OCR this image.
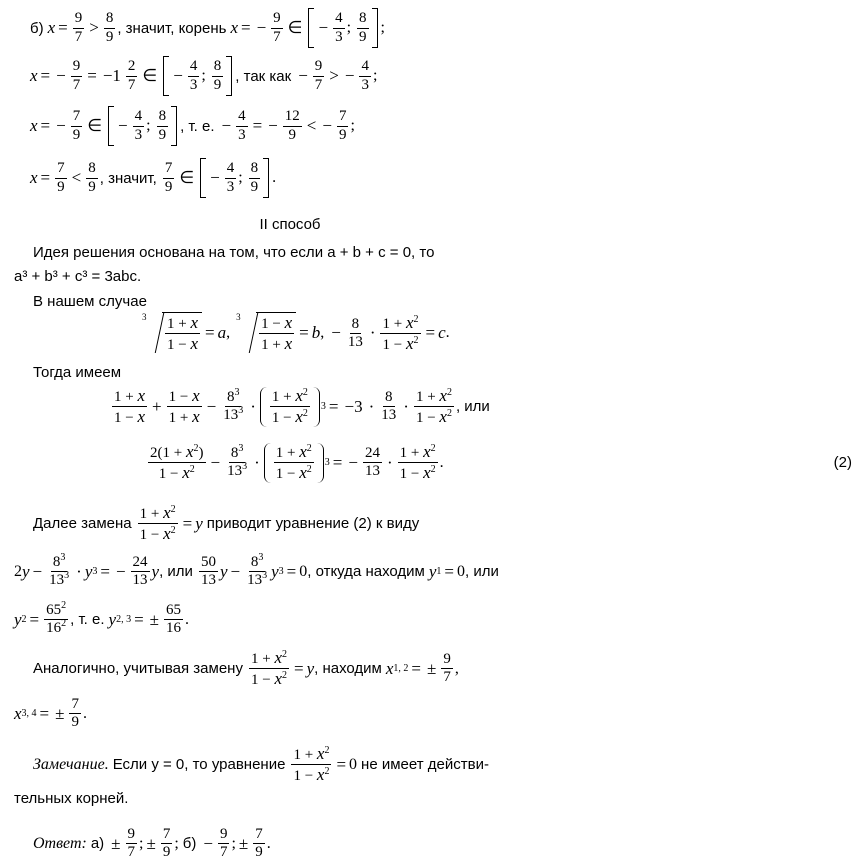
б)
$x = \frac{9}{7} > \frac{8}{9}$ , значит, корень
x = − $\frac{9}{7}$ ∈ − $\frac{4}{3}$ ; $\frac{8}{9}$ ;
x = − $\frac{9}{7} = -1 \frac{2}{7}$ ∈ − $\frac{4}{3}$ ; $\frac{8}{9}$ , так как
− $\frac{9}{7}$ > − $\frac{4}{3}$ ;
x = − $\frac{7}{9}$ ∈ − $\frac{4}{3}$ ; $\frac{8}{9}$ , т. е.
− $\frac{4}{3}$ = − $\frac{12}{9}$ < − $\frac{7}{9}$ ;
$x = \frac{7}{9} < \frac{8}{9}$ , значит,
$\frac{7}{9}$ ∈ − $\frac{4}{3}$ ; $\frac{8}{9}$ .
II способ
Идея решения основана на том, что если a + b + c = 0, то
a³ + b³ + c³ = 3abc.
В нашем случае
$3 \frac{1 + x}{1 - x} = a$ ,
$3 \frac{1 - x}{1 + x} = b$ , − $\frac{8}{13} \cdot \frac{1 + x^2}{1 - x^2} = c$ .
Тогда имеем
$\frac{1 + x}{1 - x} + \frac{1 - x}{1 + x} - \frac{8^3}{13^3} \cdot \frac{1 + x^2}{1 - x^2} 3 = -3 \cdot \frac{8}{13} \cdot \frac{1 + x^2}{1 - x^2}$ , или
$\frac{2(1 + x^2)}{1 - x^2} - \frac{8^3}{13^3} \cdot \frac{1 + x^2}{1 - x^2} 3$ = − $\frac{24}{13} \cdot \frac{1 + x^2}{1 - x^2}$ .	(2)
Далее замена
$\frac{1 + x^2}{1 - x^2} = y$
приводит уравнение (2) к виду
2 $y - \frac{8^3}{13^3} \cdot y$ 3 = − $\frac{24}{13}$ y , или
$\frac{50}{13}$ $y - \frac{8^3}{13^3}$ y 3 = 0 , откуда находим
y 1 = 0 , или
y $2 = \frac{65^2}{16^2}$ , т. е.
y 2, 3 = ± $\frac{65}{16}$ .
Аналогично, учитывая замену
$\frac{1 + x^2}{1 - x^2} = y$ , находим
x 1, 2 = ± $\frac{9}{7}$ ,
x 3, 4 = ± $\frac{7}{9}$ .
Замечание.
Если y = 0, то уравнение
$\frac{1 + x^2}{1 - x^2} = 0$ не имеет действи-
тельных корней.
Ответ:
а)
± $\frac{9}{7}$ ; ± $\frac{7}{9}$ ; б)
− $\frac{9}{7}$ ; ± $\frac{7}{9}$ .
